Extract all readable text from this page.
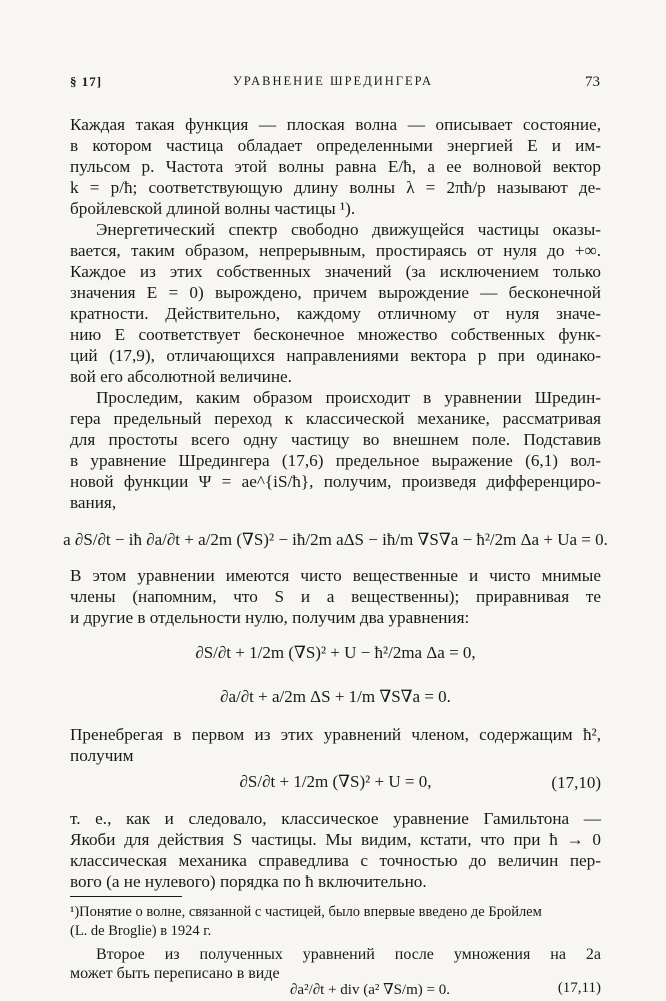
§ 17]	УРАВНЕНИЕ ШРЕДИНГЕРА	73
Каждая такая функция — плоская волна — описывает состояние,
в котором частица обладает определенными энергией E и им-
пульсом p. Частота этой волны равна E/ħ, а ее волновой вектор
k = p/ħ; соответствующую длину волны λ = 2πħ/p называют де-
бройлевской длиной волны частицы ¹).
Энергетический спектр свободно движущейся частицы оказы-
вается, таким образом, непрерывным, простираясь от нуля до +∞.
Каждое из этих собственных значений (за исключением только
значения E = 0) вырождено, причем вырождение — бесконечной
кратности. Действительно, каждому отличному от нуля значе-
нию E соответствует бесконечное множество собственных функ-
ций (17,9), отличающихся направлениями вектора p при одинако-
вой его абсолютной величине.
Проследим, каким образом происходит в уравнении Шредин-
гера предельный переход к классической механике, рассматривая
для простоты всего одну частицу во внешнем поле. Подставив
в уравнение Шредингера (17,6) предельное выражение (6,1) вол-
новой функции Ψ = ae^{iS/ħ}, получим, произведя дифференциро-
вания,
a ∂S/∂t − iħ ∂a/∂t + a/2m (∇S)² − iħ/2m aΔS − iħ/m ∇S∇a − ħ²/2m Δa + Ua = 0.
В этом уравнении имеются чисто вещественные и чисто мнимые
члены (напомним, что S и a вещественны); приравнивая те
и другие в отдельности нулю, получим два уравнения:
∂S/∂t + 1/2m (∇S)² + U − ħ²/2ma Δa = 0,
∂a/∂t + a/2m ΔS + 1/m ∇S∇a = 0.
Пренебрегая в первом из этих уравнений членом, содержащим ħ²,
получим
∂S/∂t + 1/2m (∇S)² + U = 0,	(17,10)
т. е., как и следовало, классическое уравнение Гамильтона —
Якоби для действия S частицы. Мы видим, кстати, что при ħ → 0
классическая механика справедлива с точностью до величин пер-
вого (а не нулевого) порядка по ħ включительно.
¹)Понятие о волне, связанной с частицей, было впервые введено де Бройлем
(L. de Broglie) в 1924 г.
Второе из полученных уравнений после умножения на 2a
может быть переписано в виде
∂a²/∂t + div (a² ∇S/m) = 0.	(17,11)
